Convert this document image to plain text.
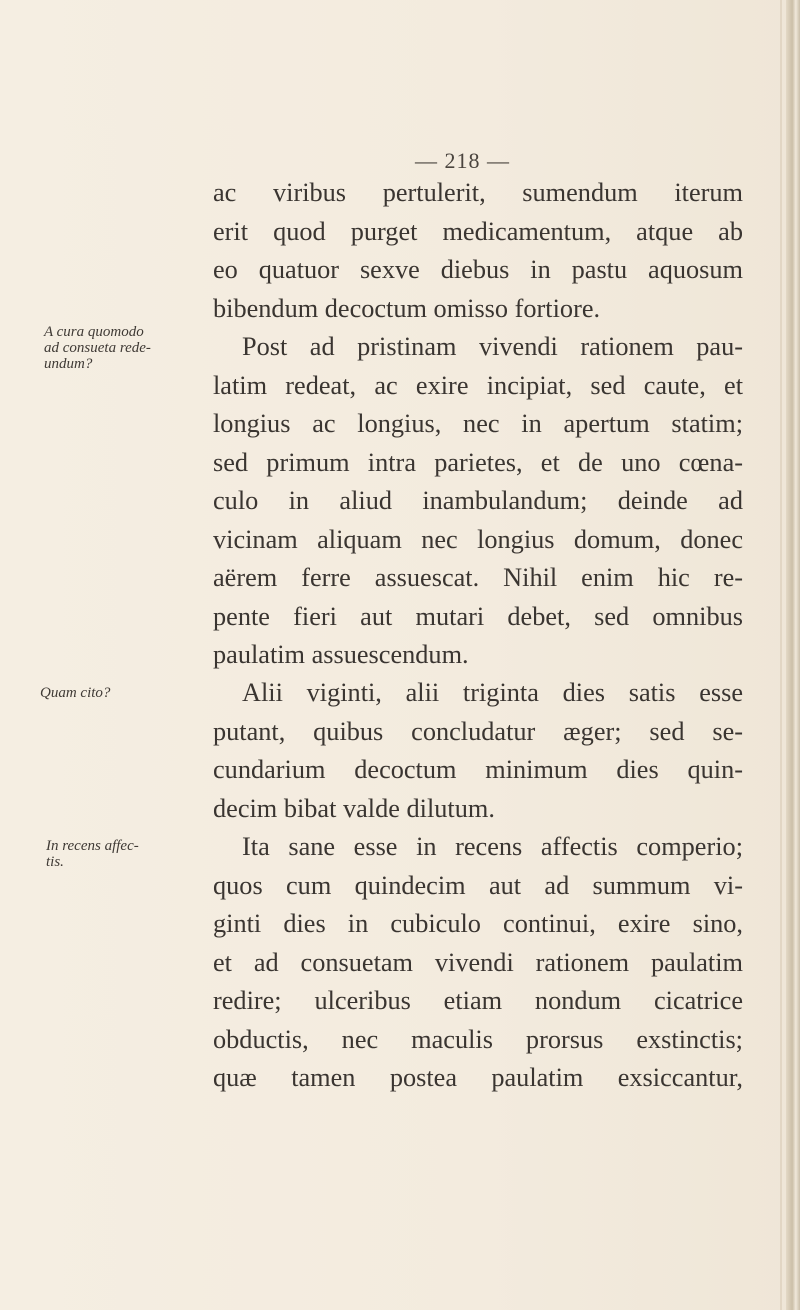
— 218 —
ac viribus pertulerit, sumendum iterum
erit quod purget medicamentum, atque ab
eo quatuor sexve diebus in pastu aquosum
bibendum decoctum omisso fortiore.
Post ad pristinam vivendi rationem pau-
latim redeat, ac exire incipiat, sed caute, et
longius ac longius, nec in apertum statim;
sed primum intra parietes, et de uno cœna-
culo in aliud inambulandum; deinde ad
vicinam aliquam nec longius domum, donec
aërem ferre assuescat. Nihil enim hic re-
pente fieri aut mutari debet, sed omnibus
paulatim assuescendum.
Alii viginti, alii triginta dies satis esse
putant, quibus concludatur æger; sed se-
cundarium decoctum minimum dies quin-
decim bibat valde dilutum.
Ita sane esse in recens affectis comperio;
quos cum quindecim aut ad summum vi-
ginti dies in cubiculo continui, exire sino,
et ad consuetam vivendi rationem paulatim
redire; ulceribus etiam nondum cicatrice
obductis, nec maculis prorsus exstinctis;
quæ tamen postea paulatim exsiccantur,
A cura quomodo
ad consueta rede-
undum?
Quam cito?
In recens affec-
tis.
